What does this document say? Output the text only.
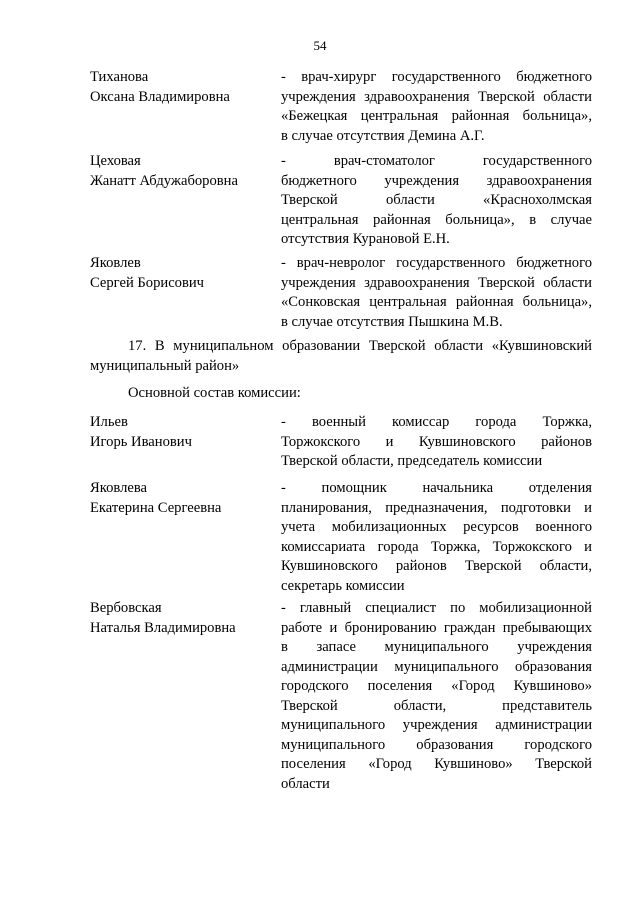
54
Тиханова
Оксана Владимировна
- врач-хирург государственного бюджетного
учреждения здравоохранения Тверской области
«Бежецкая центральная районная больница»,
в случае отсутствия Демина А.Г.
Цеховая
Жанатт Абдужаборовна
- врач-стоматолог государственного
бюджетного учреждения здравоохранения
Тверской области «Краснохолмская
центральная районная больница», в случае
отсутствия Курановой Е.Н.
Яковлев
Сергей Борисович
- врач-невролог государственного бюджетного
учреждения здравоохранения Тверской области
«Сонковская центральная районная больница»,
в случае отсутствия Пышкина М.В.
17. В муниципальном образовании Тверской области «Кувшиновский
муниципальный район»
Основной состав комиссии:
Ильев
Игорь Иванович
- военный комиссар города Торжка,
Торжокского и Кувшиновского районов
Тверской области, председатель комиссии
Яковлева
Екатерина Сергеевна
- помощник начальника отделения
планирования, предназначения, подготовки и
учета мобилизационных ресурсов военного
комиссариата города Торжка, Торжокского и
Кувшиновского районов Тверской области,
секретарь комиссии
Вербовская
Наталья Владимировна
- главный специалист по мобилизационной
работе и бронированию граждан пребывающих
в запасе муниципального учреждения
администрации муниципального образования
городского поселения «Город Кувшиново»
Тверской области, представитель
муниципального учреждения администрации
муниципального образования городского
поселения «Город Кувшиново» Тверской
области
